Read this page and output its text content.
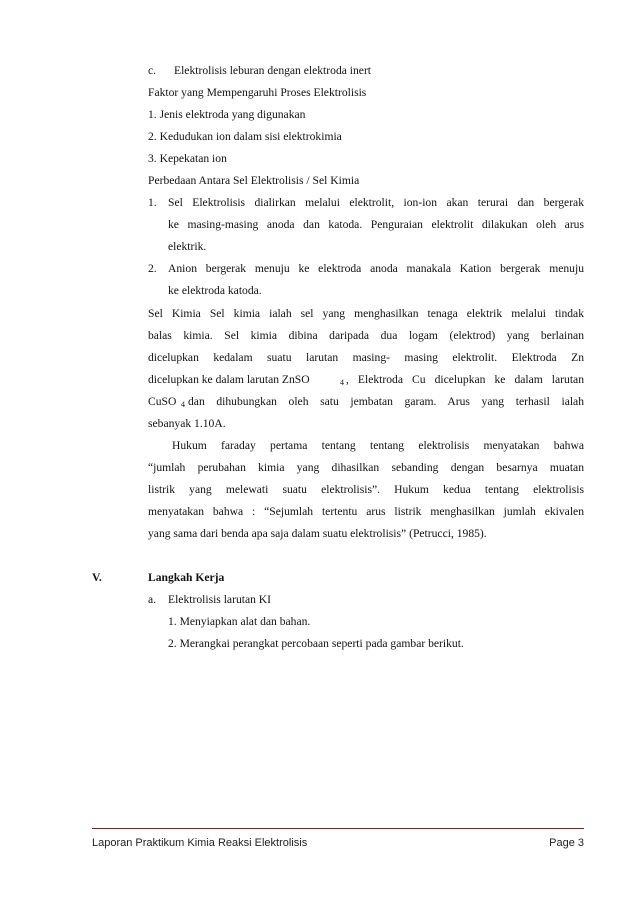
c. Elektrolisis leburan dengan elektroda inert
Faktor yang Mempengaruhi Proses Elektrolisis
1. Jenis elektroda yang digunakan
2. Kedudukan ion dalam sisi elektrokimia
3. Kepekatan ion
Perbedaan Antara Sel Elektrolisis / Sel Kimia
1. Sel Elektrolisis dialirkan melalui elektrolit, ion-ion akan terurai dan bergerak
ke masing-masing anoda dan katoda. Penguraian elektrolit dilakukan oleh arus
elektrik.
2. Anion bergerak menuju ke elektroda anoda manakala Kation bergerak menuju
ke elektroda katoda.
Sel Kimia Sel kimia ialah sel yang menghasilkan tenaga elektrik melalui tindak
balas kimia. Sel kimia dibina daripada dua logam (elektrod) yang berlainan
dicelupkan kedalam suatu larutan masing- masing elektrolit. Elektroda Zn
dicelupkan ke dalam larutan ZnSO	4 , Elektroda Cu dicelupkan ke dalam larutan
CuSO 4 dan dihubungkan oleh satu jembatan garam. Arus yang terhasil ialah
sebanyak 1.10A.
Hukum faraday pertama tentang tentang elektrolisis menyatakan bahwa
“jumlah perubahan kimia yang dihasilkan sebanding dengan besarnya muatan
listrik yang melewati suatu elektrolisis”. Hukum kedua tentang elektrolisis
menyatakan bahwa : “Sejumlah tertentu arus listrik menghasilkan jumlah ekivalen
yang sama dari benda apa saja dalam suatu elektrolisis” (Petrucci, 1985).
V.	Langkah Kerja
a. Elektrolisis larutan KI
1. Menyiapkan alat dan bahan.
2. Merangkai perangkat percobaan seperti pada gambar berikut.
Laporan Praktikum Kimia Reaksi Elektrolisis	Page 3
